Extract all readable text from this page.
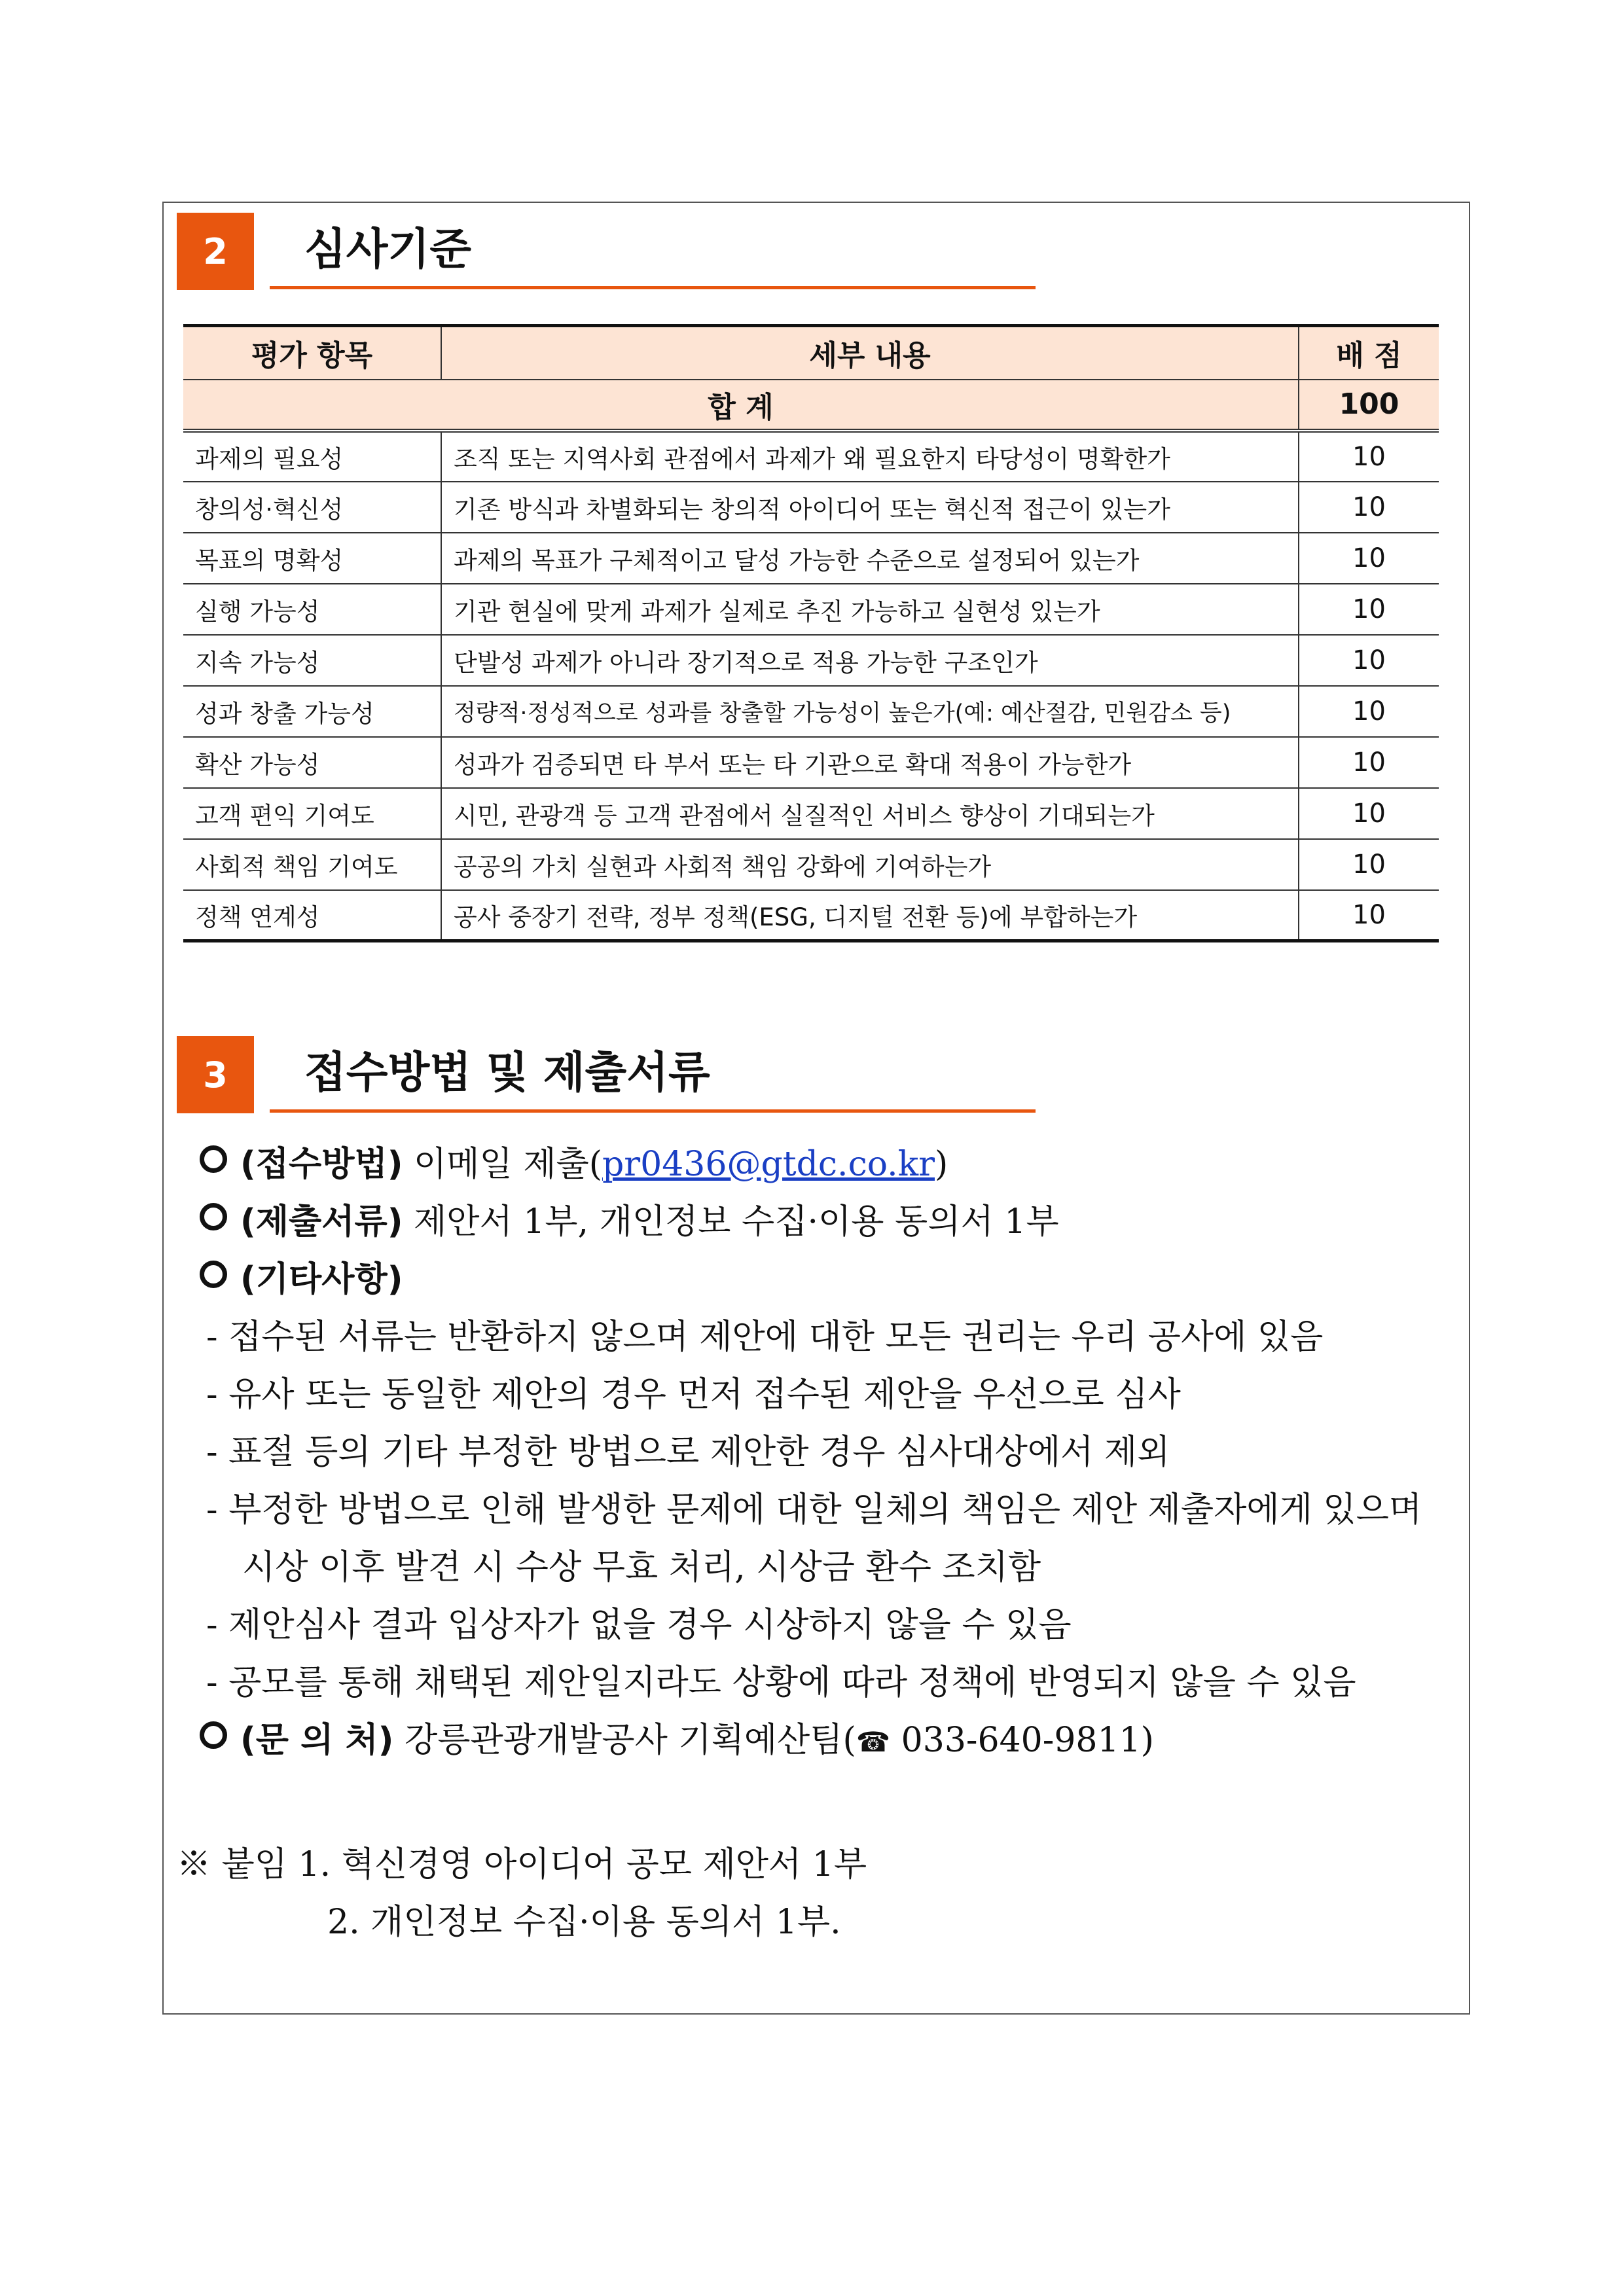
2	심사기준
평가 항목	세부 내용	배 점
합 계		100
과제의 필요성	조직 또는 지역사회 관점에서 과제가 왜 필요한지 타당성이 명확한가	10
창의성·혁신성	기존 방식과 차별화되는 창의적 아이디어 또는 혁신적 접근이 있는가	10
목표의 명확성	과제의 목표가 구체적이고 달성 가능한 수준으로 설정되어 있는가	10
실행 가능성	기관 현실에 맞게 과제가 실제로 추진 가능하고 실현성 있는가	10
지속 가능성	단발성 과제가 아니라 장기적으로 적용 가능한 구조인가	10
성과 창출 가능성	정량적·정성적으로 성과를 창출할 가능성이 높은가(예: 예산절감, 민원감소 등)	10
확산 가능성	성과가 검증되면 타 부서 또는 타 기관으로 확대 적용이 가능한가	10
고객 편익 기여도	시민, 관광객 등 고객 관점에서 실질적인 서비스 향상이 기대되는가	10
사회적 책임 기여도	공공의 가치 실현과 사회적 책임 강화에 기여하는가	10
정책 연계성	공사 중장기 전략, 정부 정책(ESG, 디지털 전환 등)에 부합하는가	10
3	접수방법 및 제출서류
(접수방법) 이메일 제출(pr0436@gtdc.co.kr)
(제출서류) 제안서 1부, 개인정보 수집·이용 동의서 1부
(기타사항)
- 접수된 서류는 반환하지 않으며 제안에 대한 모든 권리는 우리 공사에 있음
- 유사 또는 동일한 제안의 경우 먼저 접수된 제안을 우선으로 심사
- 표절 등의 기타 부정한 방법으로 제안한 경우 심사대상에서 제외
- 부정한 방법으로 인해 발생한 문제에 대한 일체의 책임은 제안 제출자에게 있으며
시상 이후 발견 시 수상 무효 처리, 시상금 환수 조치함
- 제안심사 결과 입상자가 없을 경우 시상하지 않을 수 있음
- 공모를 통해 채택된 제안일지라도 상황에 따라 정책에 반영되지 않을 수 있음
(문 의 처) 강릉관광개발공사 기획예산팀(☎ 033-640-9811)
※ 붙임 1. 혁신경영 아이디어 공모 제안서 1부
2. 개인정보 수집·이용 동의서 1부.
